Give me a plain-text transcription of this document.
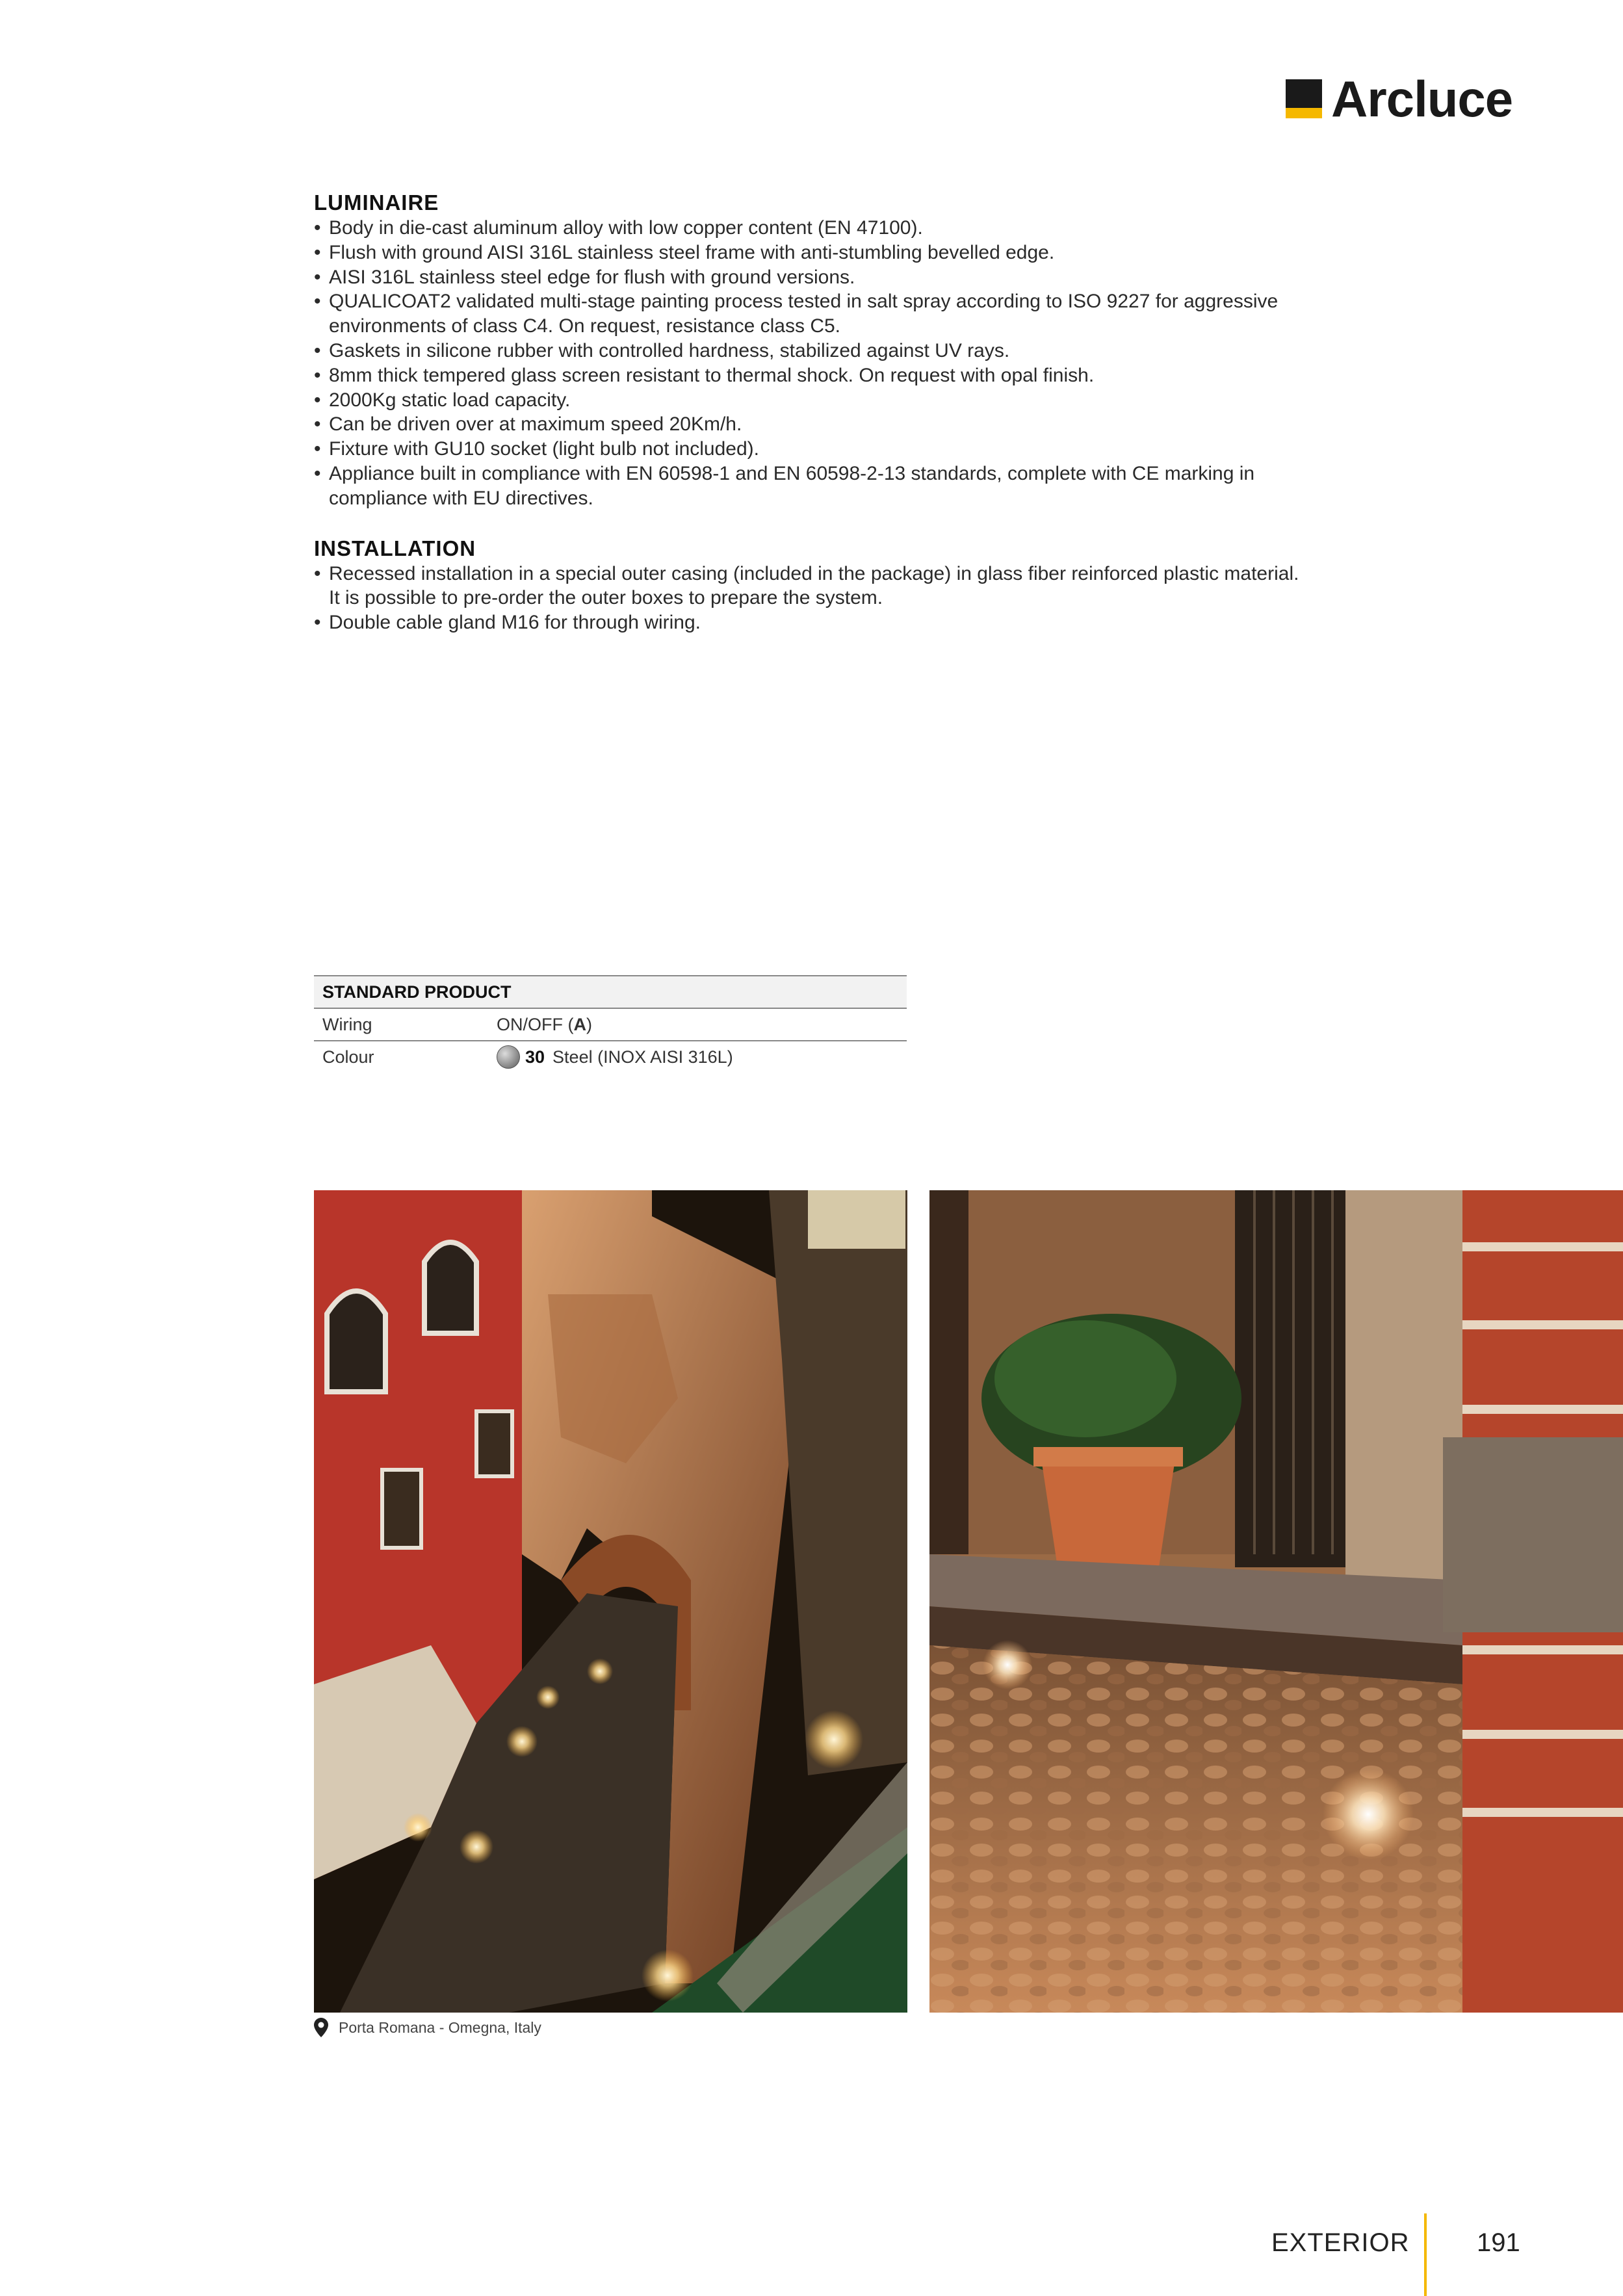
Arcluce
LUMINAIRE
• Body in die-cast aluminum alloy with low copper content (EN 47100).
• Flush with ground AISI 316L stainless steel frame with anti-stumbling bevelled edge.
• AISI 316L stainless steel edge for flush with ground versions.
• QUALICOAT2 validated multi-stage painting process tested in salt spray according to ISO 9227 for aggressive environments of class C4. On request, resistance class C5.
• Gaskets in silicone rubber with controlled hardness, stabilized against UV rays.
• 8mm thick tempered glass screen resistant to thermal shock. On request with opal finish.
• 2000Kg static load capacity.
• Can be driven over at maximum speed 20Km/h.
• Fixture with GU10 socket (light bulb not included).
• Appliance built in compliance with EN 60598-1 and EN 60598-2-13 standards, complete with CE marking in compliance with EU directives.
INSTALLATION
• Recessed installation in a special outer casing (included in the package) in glass fiber reinforced plastic material. It is possible to pre-order the outer boxes to prepare the system.
• Double cable gland M16 for through wiring.
STANDARD PRODUCT
Wiring	ON/OFF ( A )
Colour	30 Steel (INOX AISI 316L)
Porta Romana - Omegna, Italy
EXTERIOR	191
